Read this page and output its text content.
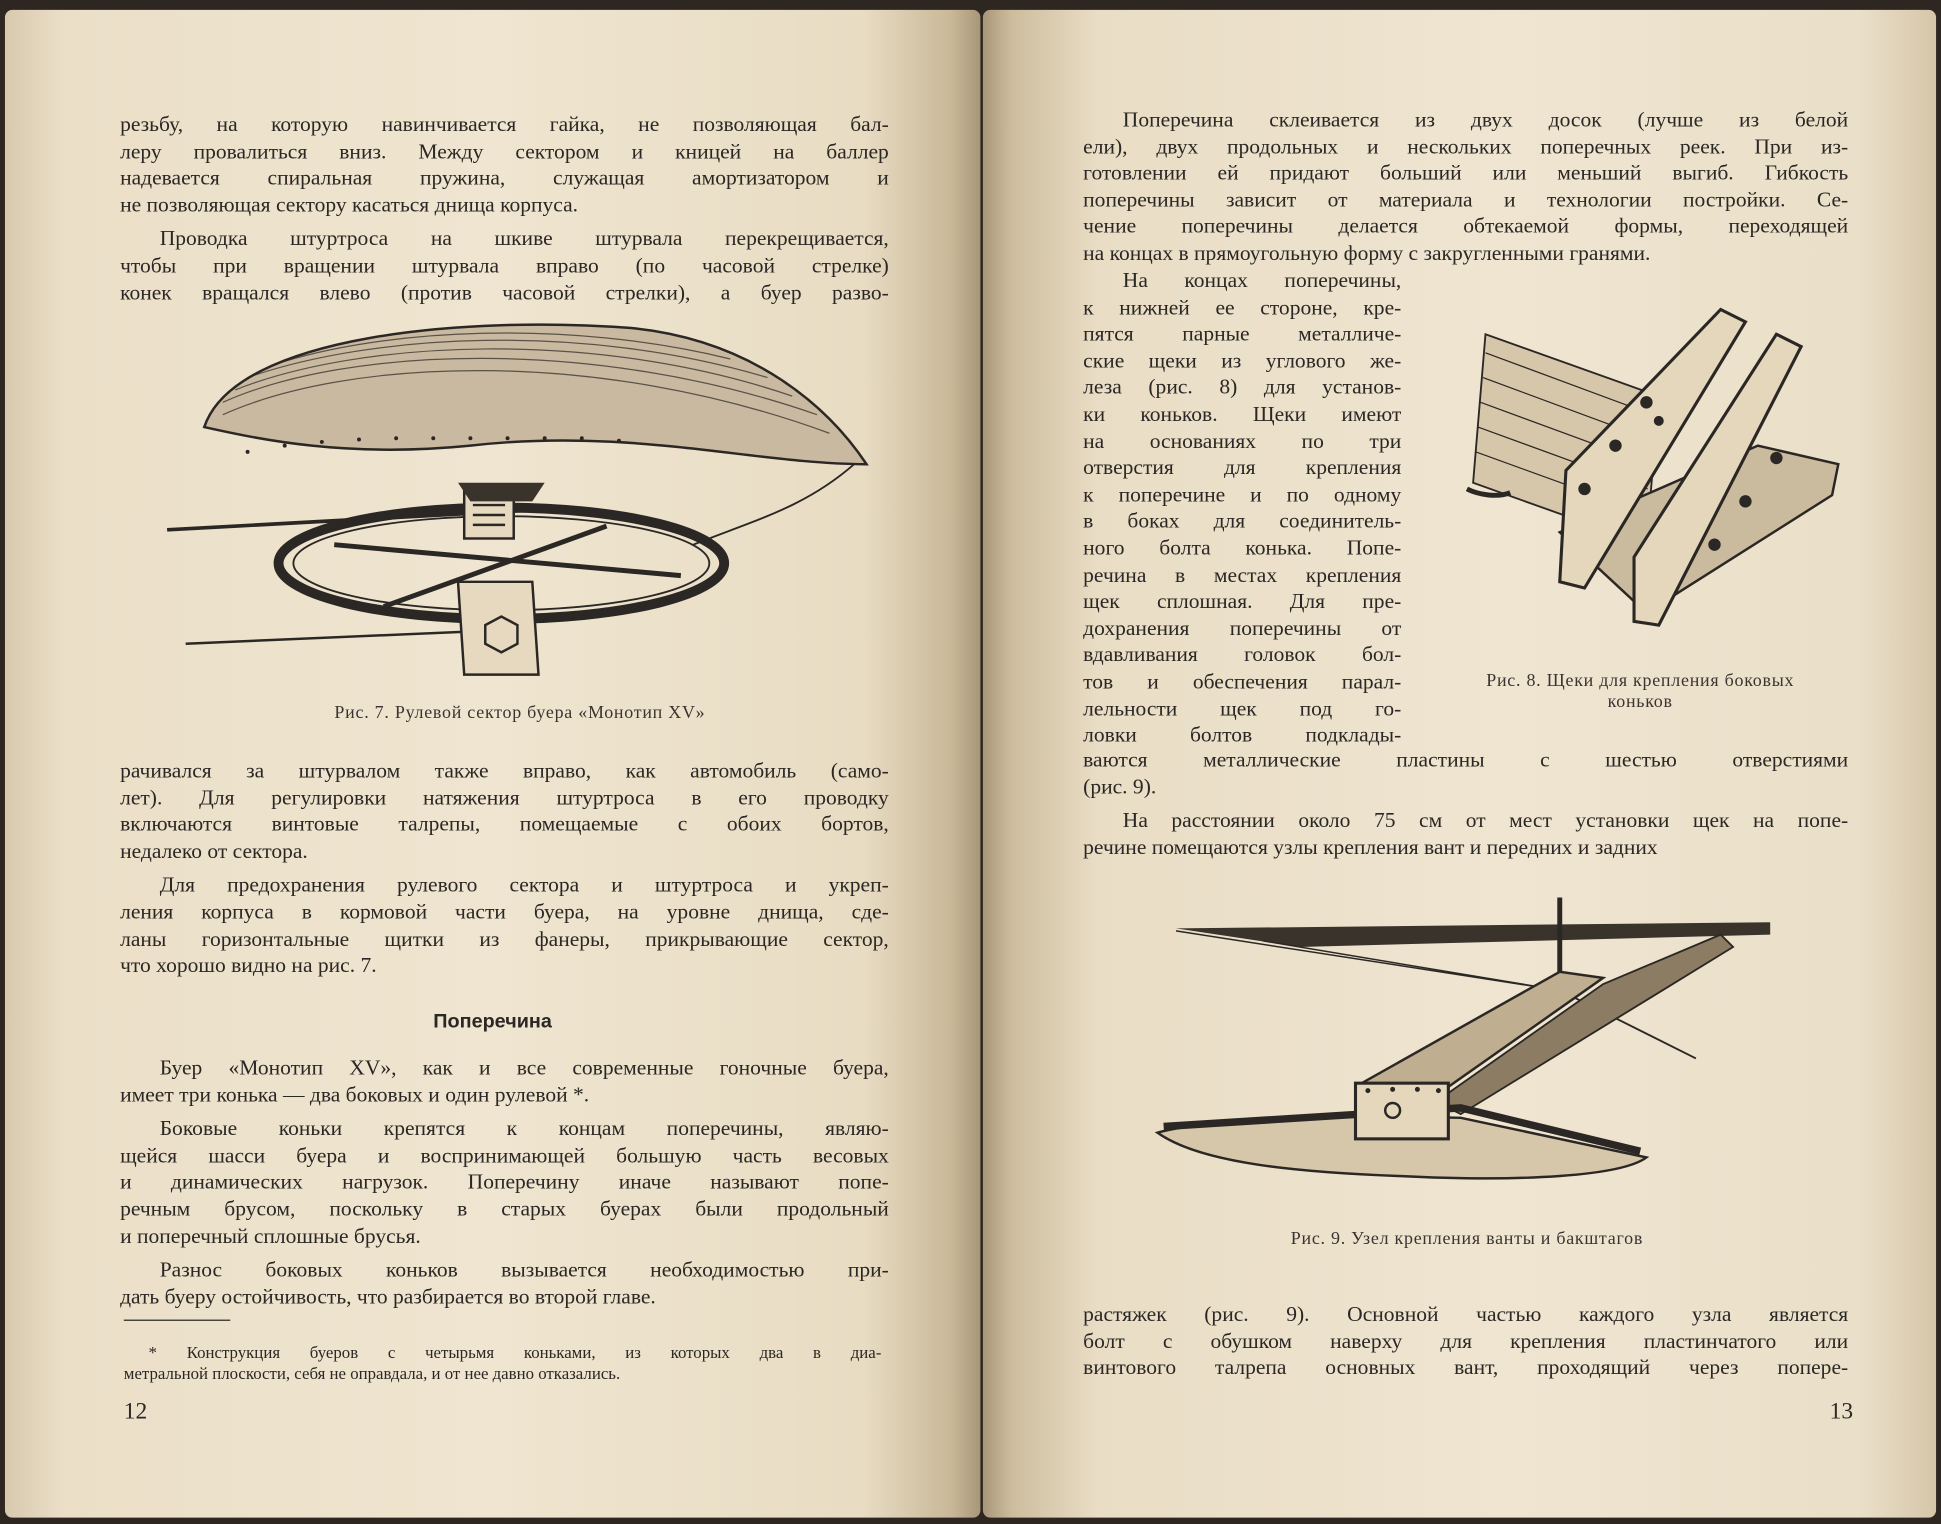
резьбу, на которую навинчивается гайка, не позволяющая бал-
леру провалиться вниз. Между сектором и кницей на баллер
надевается спиральная пружина, служащая амортизатором и
не позволяющая сектору касаться днища корпуса.
Проводка штуртроса на шкиве штурвала перекрещивается,
чтобы при вращении штурвала вправо (по часовой стрелке)
конек вращался влево (против часовой стрелки), а буер разво-
Рис. 7. Рулевой сектор буера «Монотип XV»
рачивался за штурвалом также вправо, как автомобиль (само-
лет). Для регулировки натяжения штуртроса в его проводку
включаются винтовые талрепы, помещаемые с обоих бортов,
недалеко от сектора.
Для предохранения рулевого сектора и штуртроса и укреп-
ления корпуса в кормовой части буера, на уровне днища, сде-
ланы горизонтальные щитки из фанеры, прикрывающие сектор,
что хорошо видно на рис. 7.
Поперечина
Буер «Монотип XV», как и все современные гоночные буера,
имеет три конька — два боковых и один рулевой *.
Боковые коньки крепятся к концам поперечины, являю-
щейся шасси буера и воспринимающей большую часть весовых
и динамических нагрузок. Поперечину иначе называют попе-
речным брусом, поскольку в старых буерах были продольный
и поперечный сплошные брусья.
Разнос боковых коньков вызывается необходимостью при-
дать буеру остойчивость, что разбирается во второй главе.
* Конструкция буеров с четырьмя коньками, из которых два в диа-
метральной плоскости, себя не оправдала, и от нее давно отказались.
12
Поперечина склеивается из двух досок (лучше из белой
ели), двух продольных и нескольких поперечных реек. При из-
готовлении ей придают больший или меньший выгиб. Гибкость
поперечины зависит от материала и технологии постройки. Се-
чение поперечины делается обтекаемой формы, переходящей
на концах в прямоугольную форму с закругленными гранями.
На концах поперечины,
к нижней ее стороне, кре-
пятся парные металличе-
ские щеки из углового же-
леза (рис. 8) для установ-
ки коньков. Щеки имеют
на основаниях по три
отверстия для крепления
к поперечине и по одному
в боках для соединитель-
ного болта конька. Попе-
речина в местах крепления
щек сплошная. Для пре-
дохранения поперечины от
вдавливания головок бол-
тов и обеспечения парал-
лельности щек под го-
ловки болтов подклады-
Рис. 8. Щеки для крепления боковых
коньков
ваются металлические пластины с шестью отверстиями
(рис. 9).
На расстоянии около 75 см от мест установки щек на попе-
речине помещаются узлы крепления вант и передних и задних
Рис. 9. Узел крепления ванты и бакштагов
растяжек (рис. 9). Основной частью каждого узла является
болт с обушком наверху для крепления пластинчатого или
винтового талрепа основных вант, проходящий через попере-
13
